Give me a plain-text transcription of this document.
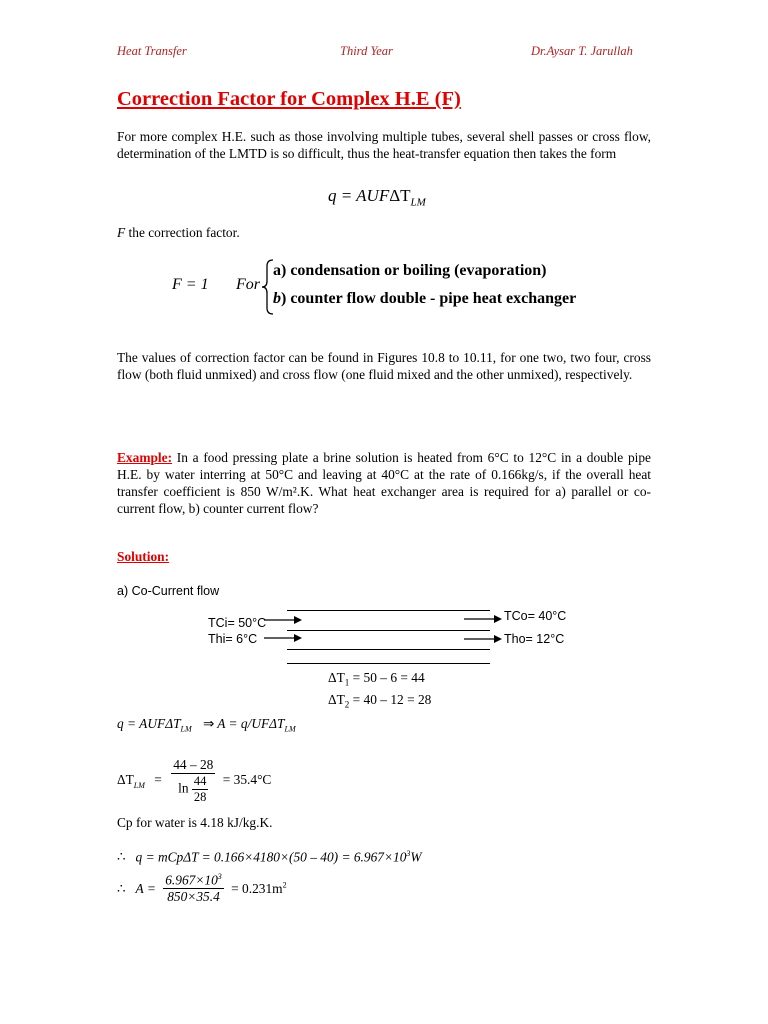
Heat Transfer	Third Year	Dr.Aysar T. Jarullah
Correction Factor for Complex H.E (F)
For more complex H.E. such as those involving multiple tubes, several shell passes or cross flow, determination of the LMTD is so difficult, thus the heat-transfer equation then takes the form
$q = AUF\Delta T_{LM}$
F the correction factor.
F = 1 For
a) condensation or boiling (evaporation)
b) counter flow double - pipe heat exchanger
The values of correction factor can be found in Figures 10.8 to 10.11, for one two, two four, cross flow (both fluid unmixed) and cross flow (one fluid mixed and the other unmixed), respectively.
Example: In a food pressing plate a brine solution is heated from 6°C to 12°C in a double pipe H.E. by water interring at 50°C and leaving at 40°C at the rate of 0.166kg/s, if the overall heat transfer coefficient is 850 W/m².K. What heat exchanger area is required for a) parallel or co-current flow, b) counter current flow?
Solution:
a) Co-Current flow
TCi= 50°C
Thi= 6°C
TCo= 40°C
Tho= 12°C
$\Delta T_1 = 50 - 6 = 44$
$\Delta T_2 = 40 - 12 = 28$
$q = AUF\Delta T_{LM}$ ⇒ $A = q/UF\Delta T_{LM}$
$\Delta T_{LM} = \frac{44 - 28}{\ln \frac{44}{28}} = 35.4^\circ C$
Cp for water is 4.18 kJ/kg.K.
∴ $q = mCp\Delta T = 0.166\times 4180\times(50 - 40) = 6.967\times 10^3W$
∴ $A = \frac{6.967\times 10^3}{850\times 35.4} = 0.231m^2$
